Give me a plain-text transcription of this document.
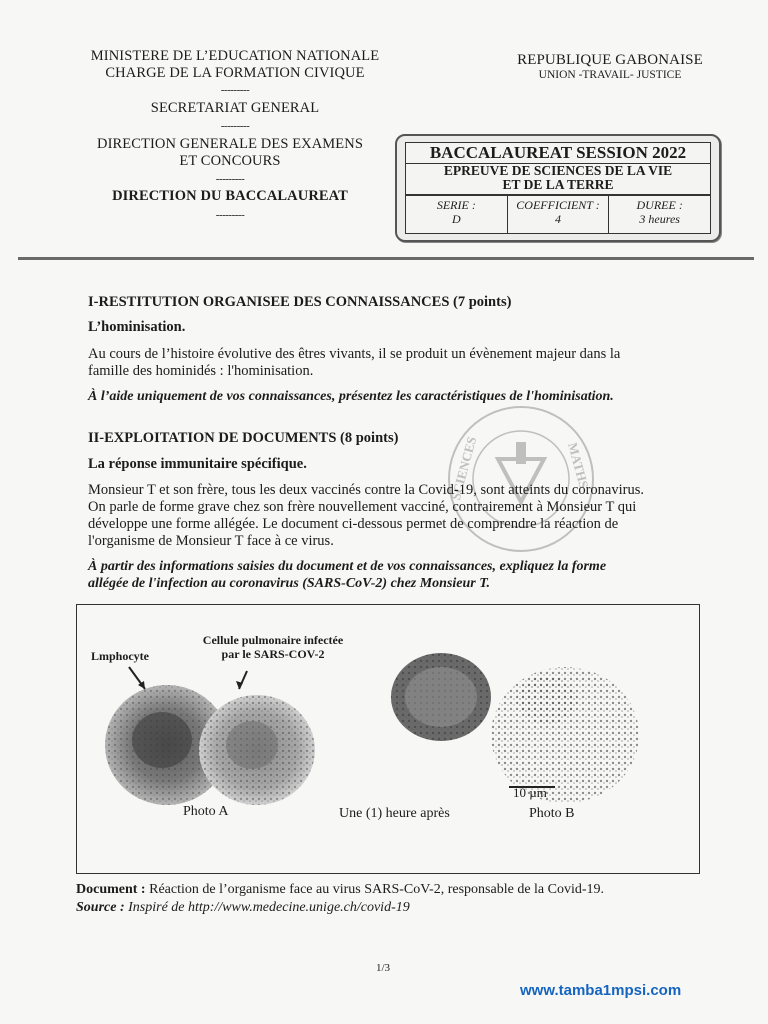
MINISTERE DE L’EDUCATION NATIONALE
CHARGE DE LA FORMATION CIVIQUE
---------
SECRETARIAT GENERAL
---------
DIRECTION GENERALE DES EXAMENS
ET CONCOURS
---------
DIRECTION DU BACCALAUREAT
---------
REPUBLIQUE GABONAISE
UNION -TRAVAIL- JUSTICE
BACCALAUREAT SESSION 2022
EPREUVE DE SCIENCES DE LA VIE
ET DE LA TERRE
SERIE :
D
COEFFICIENT :
4
DUREE :
3 heures
SCIENCES	MATHS
I-RESTITUTION ORGANISEE DES CONNAISSANCES (7 points)
L’hominisation.
Au cours de l’histoire évolutive des êtres vivants, il se produit un évènement majeur dans la
famille des hominidés : l'hominisation.
À l’aide uniquement de vos connaissances, présentez les caractéristiques de l'hominisation.
II-EXPLOITATION DE DOCUMENTS (8 points)
La réponse immunitaire spécifique.
Monsieur T et son frère, tous les deux vaccinés contre la Covid-19, sont atteints du coronavirus.
On parle de forme grave chez son frère nouvellement vacciné, contrairement à Monsieur T qui
développe une forme allégée. Le document ci-dessous permet de comprendre la réaction de
l'organisme de Monsieur T face à ce virus.
À partir des informations saisies du document et de vos connaissances, expliquez la forme
allégée de l'infection au coronavirus (SARS-CoV-2) chez Monsieur T.
Lmphocyte
Cellule pulmonaire infectée
par le SARS-COV-2
10 µm
Photo A	Une (1) heure après	Photo B
Document : Réaction de l’organisme face au virus SARS-CoV-2, responsable de la Covid-19.
Source : Inspiré de http://www.medecine.unige.ch/covid-19
1/3
www.tamba1mpsi.com
